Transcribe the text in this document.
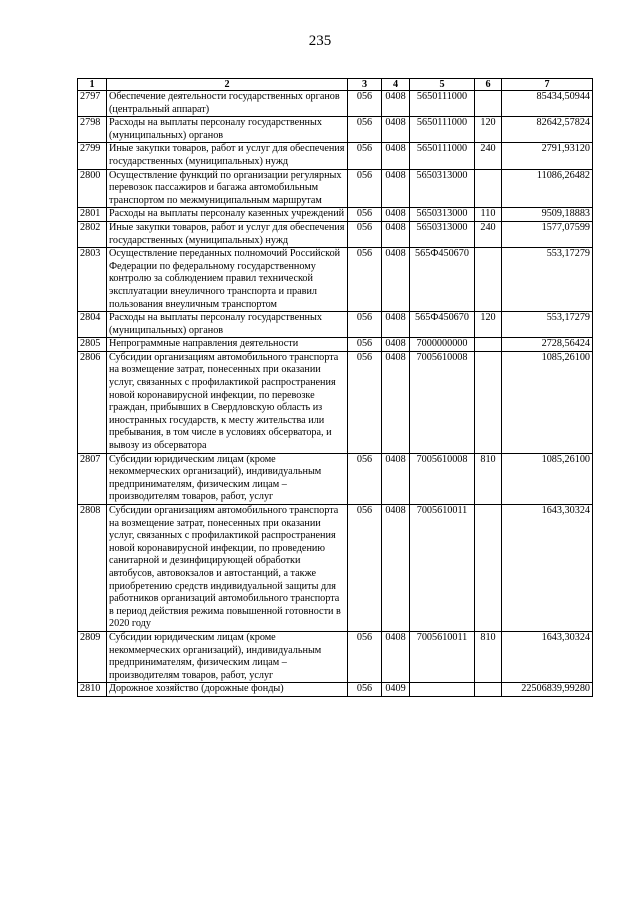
235
1	2	3	4	5	6	7
2797	Обеспечение деятельности государственных органов (центральный аппарат)	056	0408	5650111000		85434,50944
2798	Расходы на выплаты персоналу государственных (муниципальных) органов	056	0408	5650111000	120	82642,57824
2799	Иные закупки товаров, работ и услуг для обеспечения государственных (муниципальных) нужд	056	0408	5650111000	240	2791,93120
2800	Осуществление функций по организации регулярных перевозок пассажиров и багажа автомобильным транспортом по межмуниципальным маршрутам	056	0408	5650313000		11086,26482
2801	Расходы на выплаты персоналу казенных учреждений	056	0408	5650313000	110	9509,18883
2802	Иные закупки товаров, работ и услуг для обеспечения государственных (муниципальных) нужд	056	0408	5650313000	240	1577,07599
2803	Осуществление переданных полномочий Российской Федерации по федеральному государственному контролю за соблюдением правил технической эксплуатации внеуличного транспорта и правил пользования внеуличным транспортом	056	0408	565Ф450670		553,17279
2804	Расходы на выплаты персоналу государственных (муниципальных) органов	056	0408	565Ф450670	120	553,17279
2805	Непрограммные направления деятельности	056	0408	7000000000		2728,56424
2806	Субсидии организациям автомобильного транспорта на возмещение затрат, понесенных при оказании услуг, связанных с профилактикой распространения новой коронавирусной инфекции, по перевозке граждан, прибывших в Свердловскую область из иностранных государств, к месту жительства или пребывания, в том числе в условиях обсерватора, и вывозу из обсерватора	056	0408	7005610008		1085,26100
2807	Субсидии юридическим лицам (кроме некоммерческих организаций), индивидуальным предпринимателям, физическим лицам – производителям товаров, работ, услуг	056	0408	7005610008	810	1085,26100
2808	Субсидии организациям автомобильного транспорта на возмещение затрат, понесенных при оказании услуг, связанных с профилактикой распространения новой коронавирусной инфекции, по проведению санитарной и дезинфицирующей обработки автобусов, автовокзалов и автостанций, а также приобретению средств индивидуальной защиты для работников организаций автомобильного транспорта в период действия режима повышенной готовности в 2020 году	056	0408	7005610011		1643,30324
2809	Субсидии юридическим лицам (кроме некоммерческих организаций), индивидуальным предпринимателям, физическим лицам – производителям товаров, работ, услуг	056	0408	7005610011	810	1643,30324
2810	Дорожное хозяйство (дорожные фонды)	056	0409			22506839,99280
